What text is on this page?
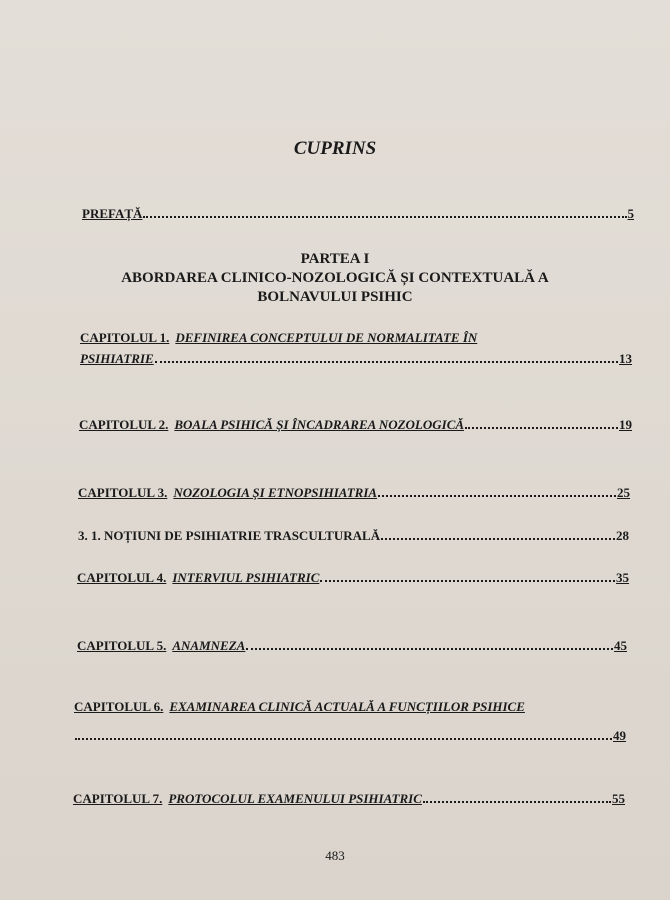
CUPRINS
PREFAȚĂ	5
PARTEA I
ABORDAREA CLINICO-NOZOLOGICĂ ȘI CONTEXTUALĂ A
BOLNAVULUI PSIHIC
CAPITOLUL 1. DEFINIREA CONCEPTULUI DE NORMALITATE ÎN
PSIHIATRIE	13
CAPITOLUL 2. BOALA PSIHICĂ ȘI ÎNCADRAREA NOZOLOGICĂ	19
CAPITOLUL 3. NOZOLOGIA ȘI ETNOPSIHIATRIA	25
3. 1. NOȚIUNI DE PSIHIATRIE TRASCULTURALĂ	28
CAPITOLUL 4. INTERVIUL PSIHIATRIC	35
CAPITOLUL 5. ANAMNEZA	45
CAPITOLUL 6. EXAMINAREA CLINICĂ ACTUALĂ A FUNCȚIILOR PSIHICE
49
CAPITOLUL 7. PROTOCOLUL EXAMENULUI PSIHIATRIC	55
483
